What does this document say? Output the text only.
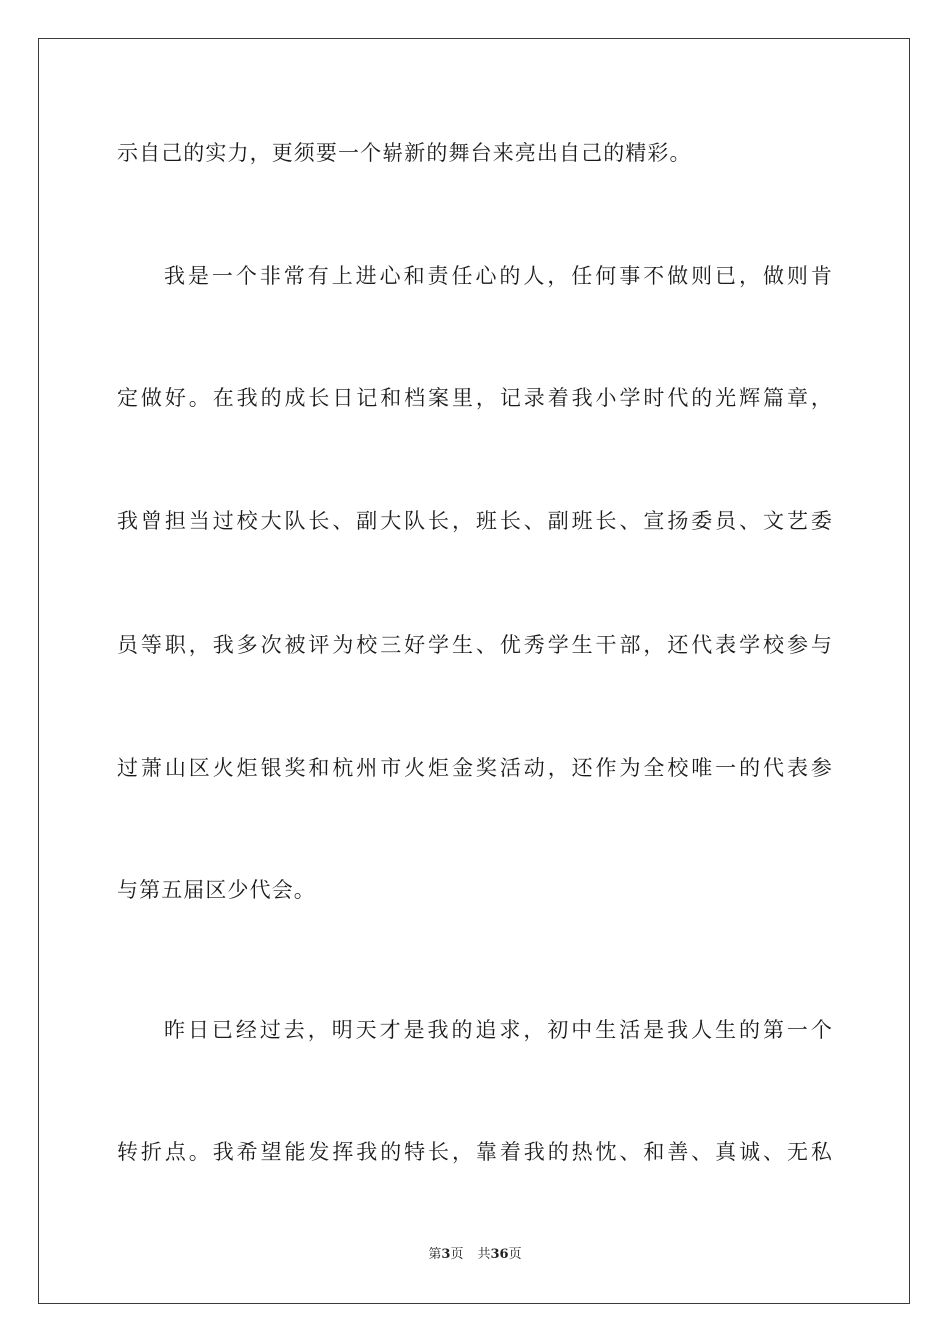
示自己的实力，更须要一个崭新的舞台来亮出自己的精彩。
我是一个非常有上进心和责任心的人，任何事不做则已，做则肯
定做好。在我的成长日记和档案里，记录着我小学时代的光辉篇章，
我曾担当过校大队长、副大队长，班长、副班长、宣扬委员、文艺委
员等职，我多次被评为校三好学生、优秀学生干部，还代表学校参与
过萧山区火炬银奖和杭州市火炬金奖活动，还作为全校唯一的代表参
与第五届区少代会。
昨日已经过去，明天才是我的追求，初中生活是我人生的第一个
转折点。我希望能发挥我的特长，靠着我的热忱、和善、真诚、无私
第3页 共36页
